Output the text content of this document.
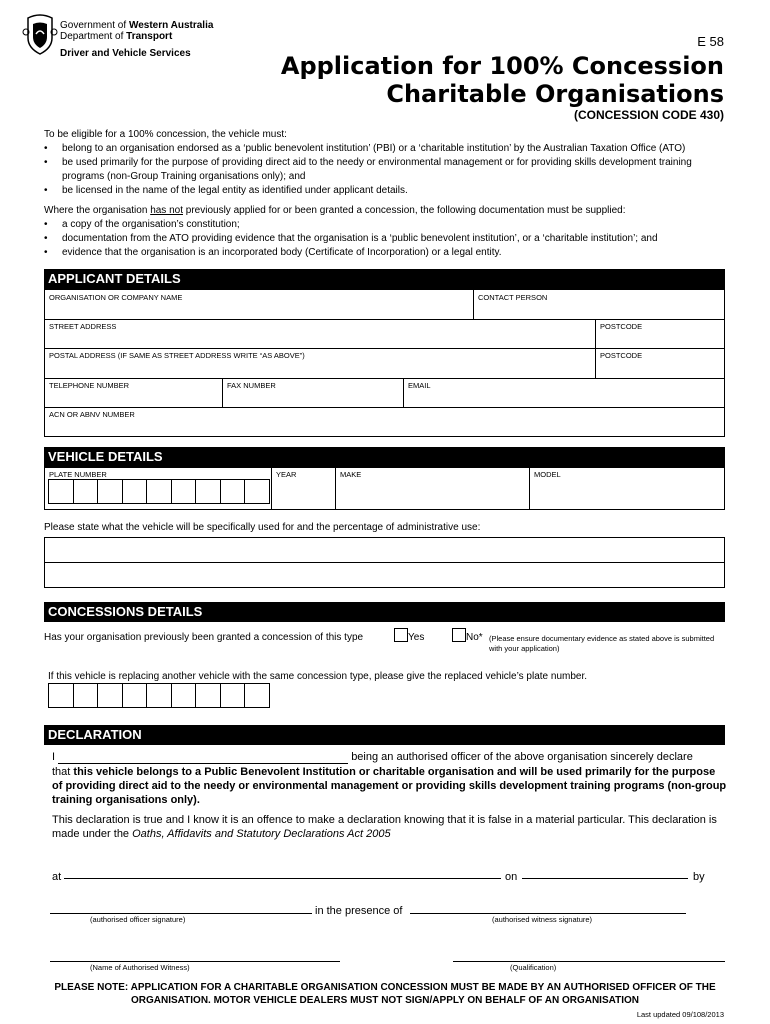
Government of Western Australia
Department of Transport
Driver and Vehicle Services
E 58
Application for 100% Concession
Charitable Organisations
(CONCESSION CODE 430)

To be eligible for a 100% concession, the vehicle must:

• belong to an organisation endorsed as a ‘public benevolent institution’ (PBI) or a ‘charitable institution’ by the Australian Taxation Office (ATO)
• be used primarily for the purpose of providing direct aid to the needy or environmental management or for providing skills development training programs (non-Group Training organisations only); and
• be licensed in the name of the legal entity as identified under applicant details.

Where the organisation has not previously applied for or been granted a concession, the following documentation must be supplied:

• a copy of the organisation’s constitution;
• documentation from the ATO providing evidence that the organisation is a ‘public benevolent institution’, or a ‘charitable institution’; and
• evidence that the organisation is an incorporated body (Certificate of Incorporation) or a legal entity.
APPLICANT DETAILS
ORGANISATION OR COMPANY NAME	CONTACT PERSON
STREET ADDRESS	POSTCODE
POSTAL ADDRESS (IF SAME AS STREET ADDRESS WRITE “AS ABOVE”)	POSTCODE
TELEPHONE NUMBER	FAX NUMBER	EMAIL
ACN OR ABNV NUMBER
VEHICLE DETAILS
PLATE NUMBER	YEAR	MAKE	MODEL
Please state what the vehicle will be specifically used for and the percentage of administrative use:
CONCESSIONS DETAILS
Has your organisation previously been granted a concession of this type	Yes	No* (Please ensure documentary evidence as stated above is submitted
with your application)
If this vehicle is replacing another vehicle with the same concession type, please give the replaced vehicle’s plate number.
DECLARATION
I	being an authorised officer of the above organisation sincerely declare
that this vehicle belongs to a Public Benevolent Institution or charitable organisation and will be used primarily for the purpose of providing direct aid to the needy or environmental management or providing skills development training programs (non-group training organisations only).
This declaration is true and I know it is an offence to make a declaration knowing that it is false in a material particular. This declaration is made under the Oaths, Affidavits and Statutory Declarations Act 2005
at	on	by
in the presence of
(authorised officer signature)	(authorised witness signature)
(Name of Authorised Witness)	(Qualification)
PLEASE NOTE: APPLICATION FOR A CHARITABLE ORGANISATION CONCESSION MUST BE MADE BY AN AUTHORISED OFFICER OF THE ORGANISATION. MOTOR VEHICLE DEALERS MUST NOT SIGN/APPLY ON BEHALF OF AN ORGANISATION
Last updated 09/108/2013
